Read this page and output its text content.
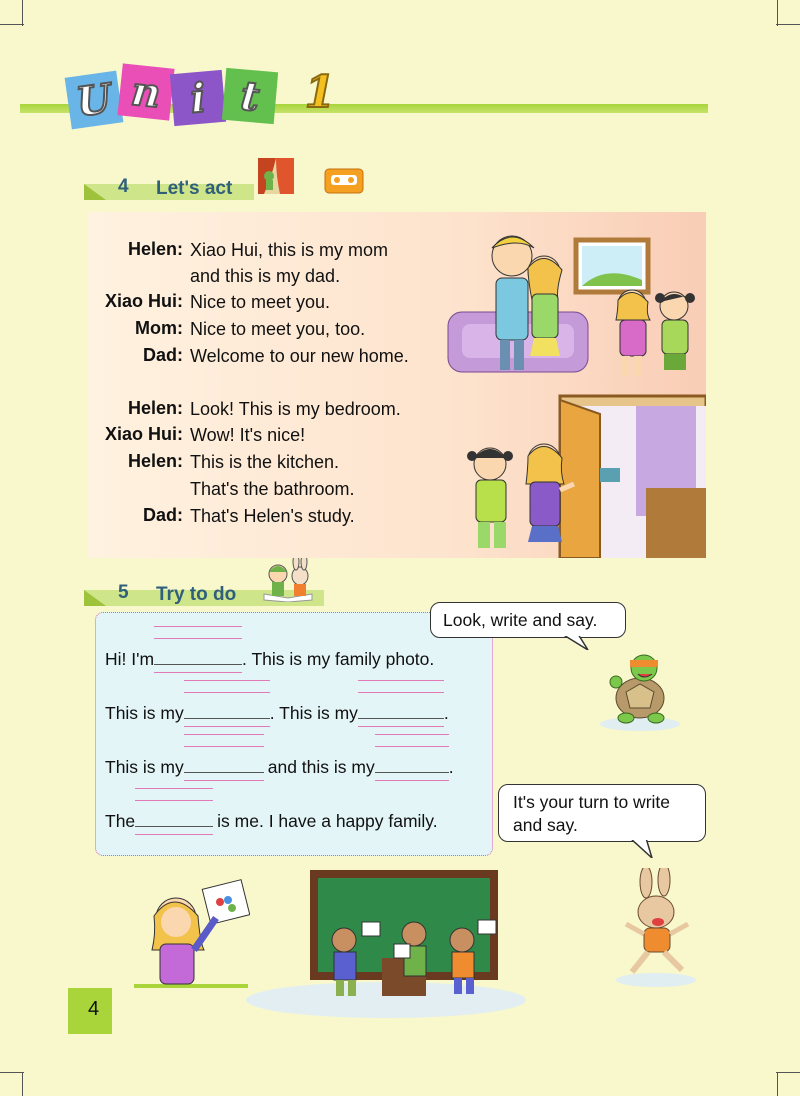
U n i t 1
4 Let's act
Helen: Xiao Hui, this is my mom
and this is my dad.
Xiao Hui: Nice to meet you.
Mom: Nice to meet you, too.
Dad: Welcome to our new home.
Helen: Look! This is my bedroom.
Xiao Hui: Wow! It's nice!
Helen: This is the kitchen.
That's the bathroom.
Dad: That's Helen's study.
5 Try to do
Hi! I'm	. This is my family photo.
This is my	. This is my	.
This is my	and this is my	.
The	is me. I have a happy family.
Look, write and say.
It's your turn to write
and say.
4
